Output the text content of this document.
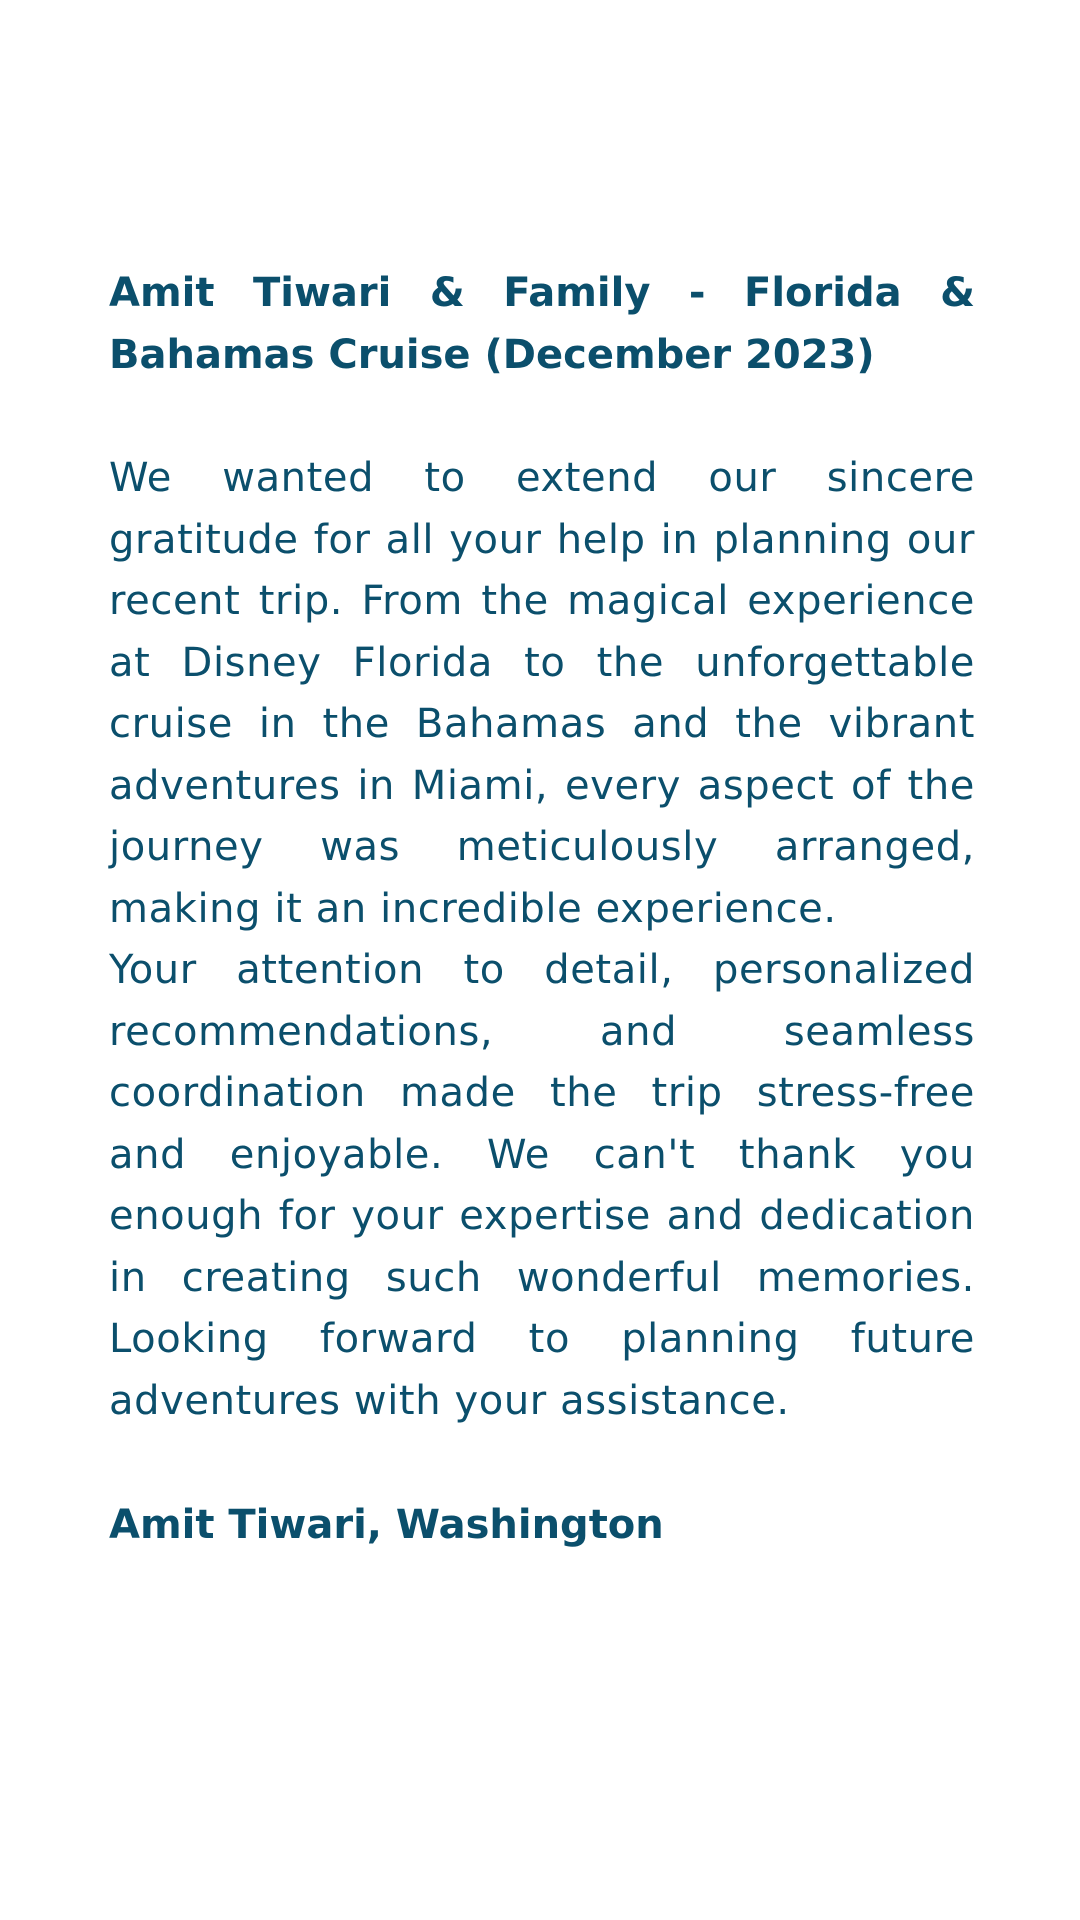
Amit Tiwari & Family - Florida & Bahamas Cruise (December 2023)

We wanted to extend our sincere gratitude for all your help in planning our recent trip. From the magical experience at Disney Florida to the unforgettable cruise in the Bahamas and the vibrant adventures in Miami, every aspect of the journey was meticulously arranged, making it an incredible experience.

Your attention to detail, personalized recommendations, and seamless coordination made the trip stress-free and enjoyable. We can't thank you enough for your expertise and dedication in creating such wonderful memories. Looking forward to planning future adventures with your assistance.

Amit Tiwari, Washington
